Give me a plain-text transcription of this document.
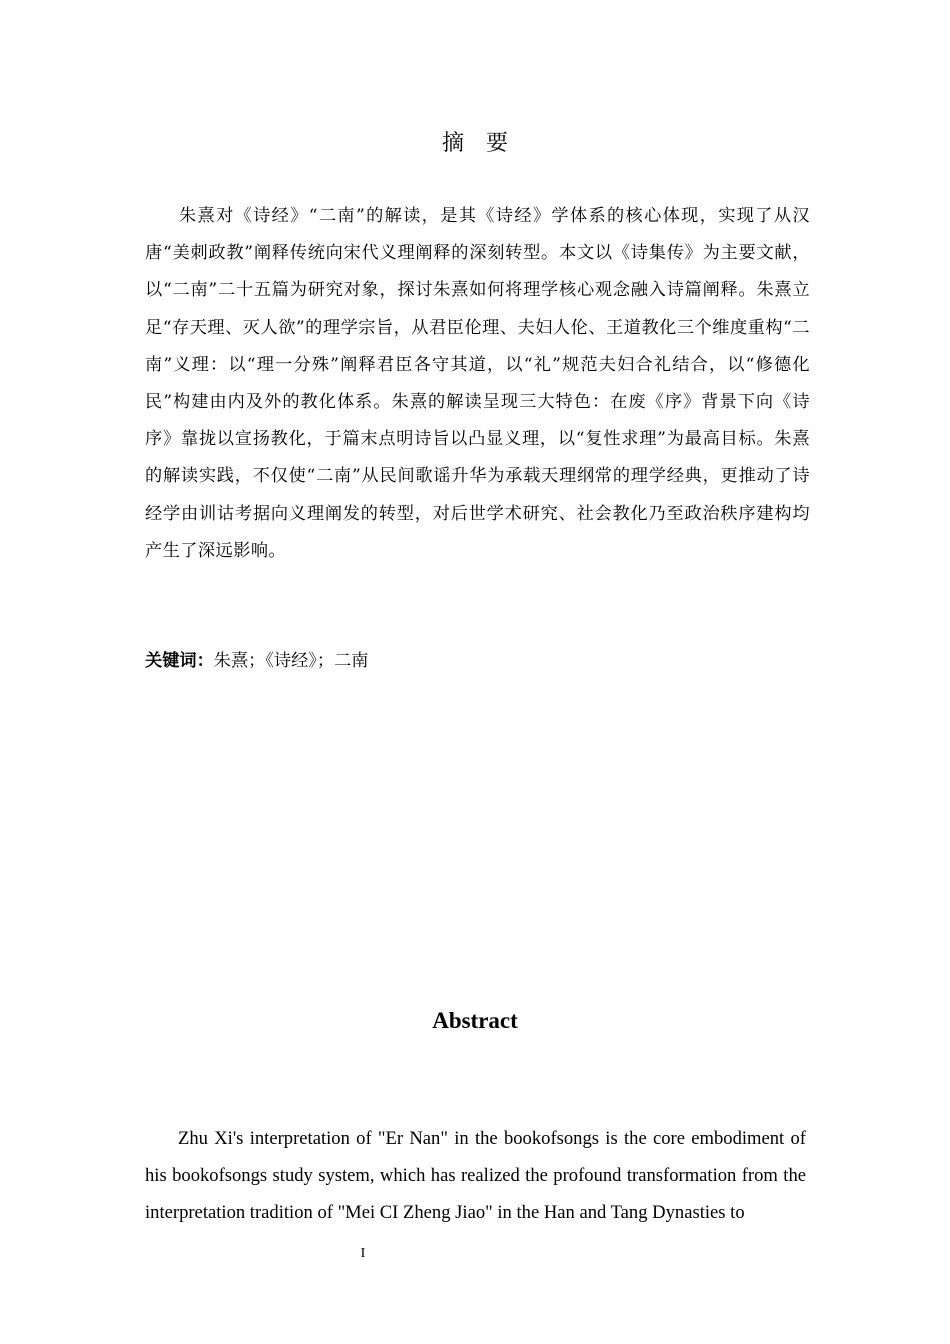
摘　要

朱熹对《诗经》“二南”的解读，是其《诗经》学体系的核心体现，实现了从汉唐“美刺政教”阐释传统向宋代义理阐释的深刻转型。本文以《诗集传》为主要文献，以“二南”二十五篇为研究对象，探讨朱熹如何将理学核心观念融入诗篇阐释。朱熹立足“存天理、灭人欲”的理学宗旨，从君臣伦理、夫妇人伦、王道教化三个维度重构“二南”义理：以“理一分殊”阐释君臣各守其道，以“礼”规范夫妇合礼结合，以“修德化民”构建由内及外的教化体系。朱熹的解读呈现三大特色：在废《序》背景下向《诗序》靠拢以宣扬教化，于篇末点明诗旨以凸显义理，以“复性求理”为最高目标。朱熹的解读实践，不仅使“二南”从民间歌谣升华为承载天理纲常的理学经典，更推动了诗经学由训诂考据向义理阐发的转型，对后世学术研究、社会教化乃至政治秩序建构均产生了深远影响。

关键词：朱熹；《诗经》；二南
Abstract

Zhu Xi's interpretation of "Er Nan" in the bookofsongs is the core embodiment of his bookofsongs study system, which has realized the profound transformation from the interpretation tradition of "Mei CI Zheng Jiao" in the Han and Tang Dynasties to

I
